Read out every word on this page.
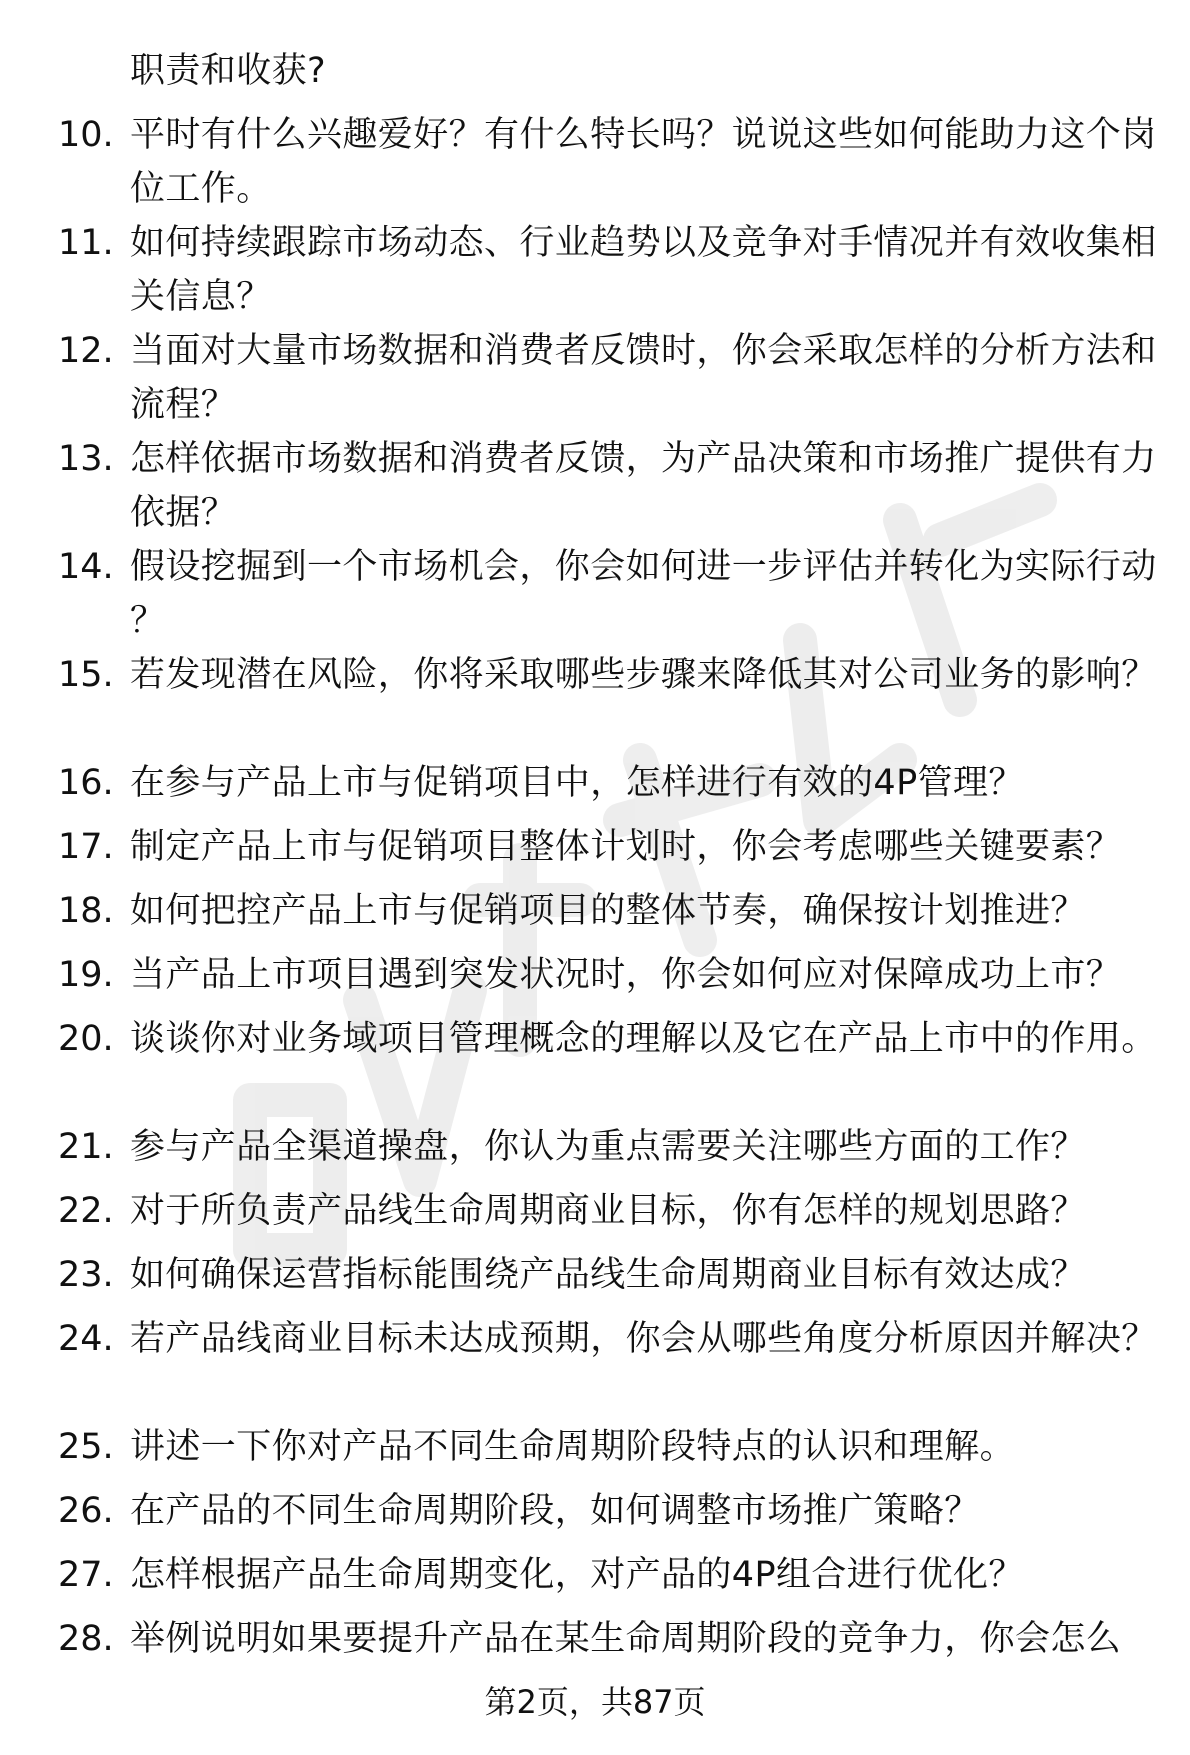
职责和收获?
10. 平时有什么兴趣爱好？有什么特长吗？说说这些如何能助力这个岗位工作。
11. 如何持续跟踪市场动态、行业趋势以及竞争对手情况并有效收集相关信息？
12. 当面对大量市场数据和消费者反馈时，你会采取怎样的分析方法和流程？
13. 怎样依据市场数据和消费者反馈，为产品决策和市场推广提供有力依据？
14. 假设挖掘到一个市场机会，你会如何进一步评估并转化为实际行动？
15. 若发现潜在风险，你将采取哪些步骤来降低其对公司业务的影响？
16. 在参与产品上市与促销项目中，怎样进行有效的4P管理？
17. 制定产品上市与促销项目整体计划时，你会考虑哪些关键要素？
18. 如何把控产品上市与促销项目的整体节奏，确保按计划推进？
19. 当产品上市项目遇到突发状况时，你会如何应对保障成功上市？
20. 谈谈你对业务域项目管理概念的理解以及它在产品上市中的作用。
21. 参与产品全渠道操盘，你认为重点需要关注哪些方面的工作？
22. 对于所负责产品线生命周期商业目标，你有怎样的规划思路？
23. 如何确保运营指标能围绕产品线生命周期商业目标有效达成？
24. 若产品线商业目标未达成预期，你会从哪些角度分析原因并解决？
25. 讲述一下你对产品不同生命周期阶段特点的认识和理解。
26. 在产品的不同生命周期阶段，如何调整市场推广策略？
27. 怎样根据产品生命周期变化，对产品的4P组合进行优化？
28. 举例说明如果要提升产品在某生命周期阶段的竞争力，你会怎么
第2页，共87页
